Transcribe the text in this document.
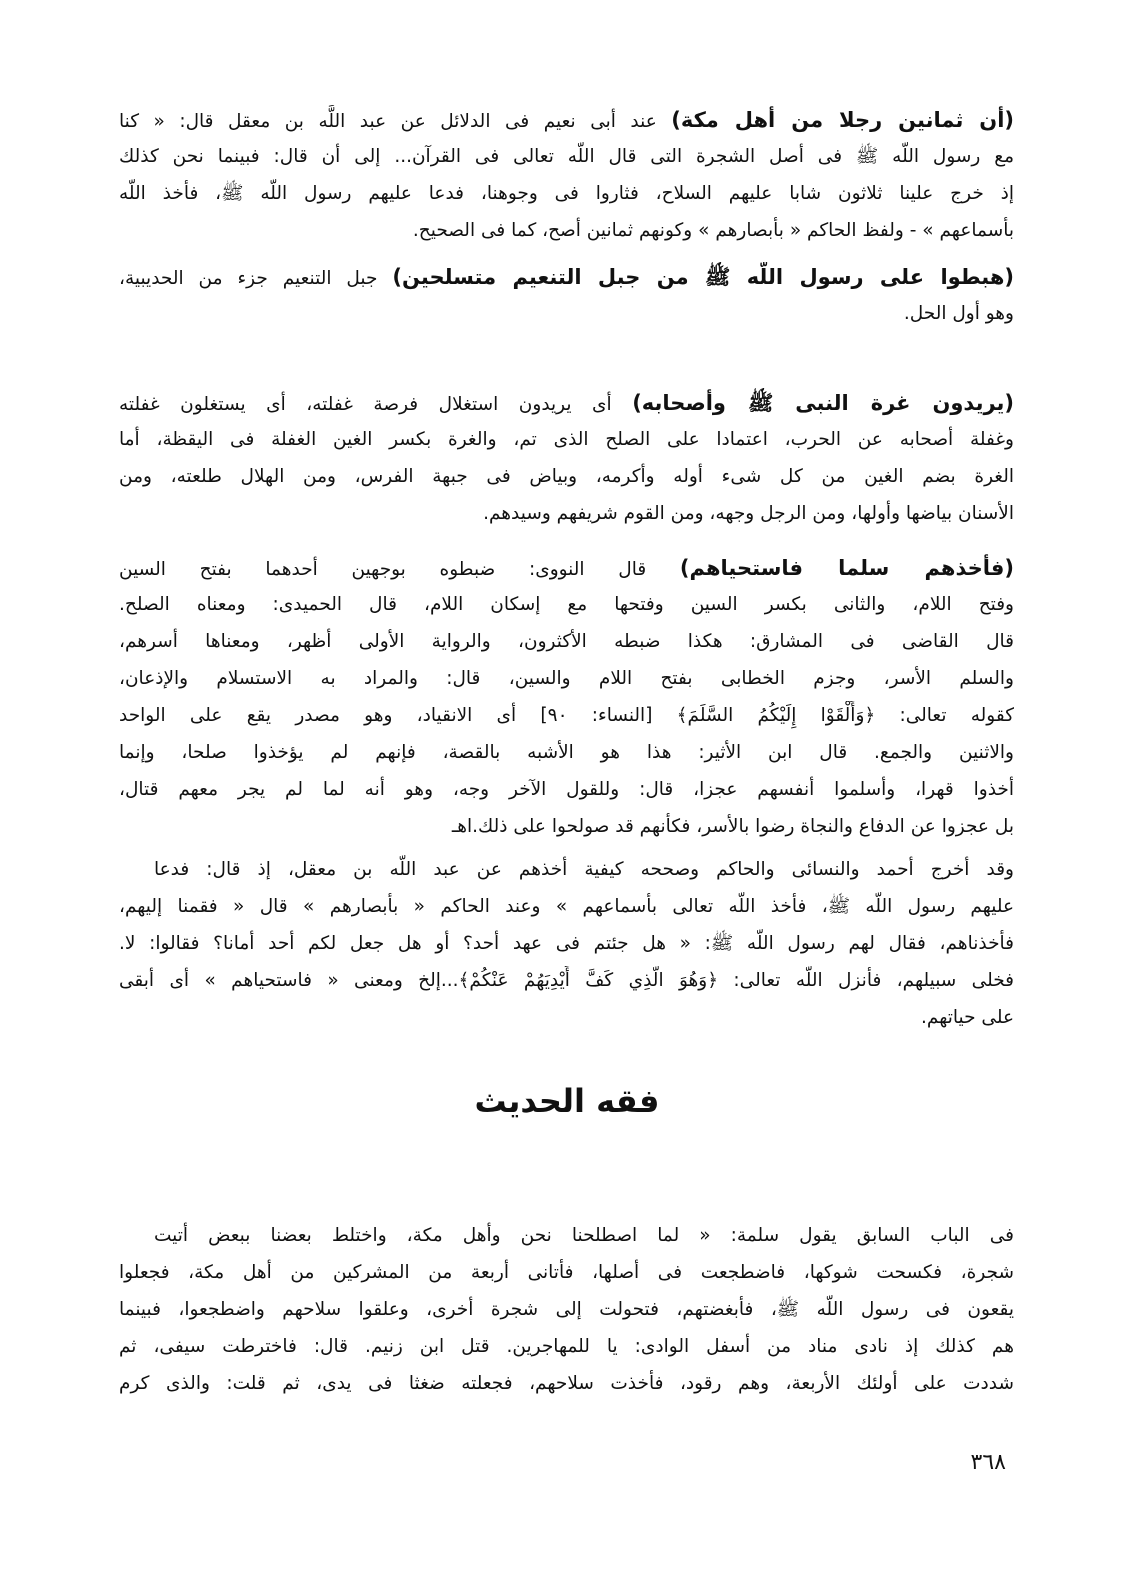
فقه الحديث
٣٦٨
(أن ثمانين رجلا من أهل مكة) عند أبى نعيم فى الدلائل عن عبد اللَّه بن معقل قال: « كنا
مع رسول اللَّه ﷺ فى أصل الشجرة التى قال اللَّه تعالى فى القرآن... إلى أن قال: فبينما نحن كذلك
إذ خرج علينا ثلاثون شابا عليهم السلاح، فثاروا فى وجوهنا، فدعا عليهم رسول اللَّه ﷺ، فأخذ اللَّه
بأسماعهم » - ولفظ الحاكم « بأبصارهم » وكونهم ثمانين أصح، كما فى الصحيح.
(هبطوا على رسول اللَّه ﷺ من جبل التنعيم متسلحين) جبل التنعيم جزء من الحديبية،
وهو أول الحل.
(يريدون غرة النبى ﷺ وأصحابه) أى يريدون استغلال فرصة غفلته، أى يستغلون غفلته
وغفلة أصحابه عن الحرب، اعتمادا على الصلح الذى تم، والغرة بكسر الغين الغفلة فى اليقظة، أما
الغرة بضم الغين من كل شىء أوله وأكرمه، وبياض فى جبهة الفرس، ومن الهلال طلعته، ومن
الأسنان بياضها وأولها، ومن الرجل وجهه، ومن القوم شريفهم وسيدهم.
(فأخذهم سلما فاستحياهم) قال النووى: ضبطوه بوجهين أحدهما بفتح السين
وفتح اللام، والثانى بكسر السين وفتحها مع إسكان اللام، قال الحميدى: ومعناه الصلح.
قال القاضى فى المشارق: هكذا ضبطه الأكثرون، والرواية الأولى أظهر، ومعناها أسرهم،
والسلم الأسر، وجزم الخطابى بفتح اللام والسين، قال: والمراد به الاستسلام والإذعان،
كقوله تعالى: ﴿وَأَلْقَوْا إِلَيْكُمُ السَّلَمَ﴾ [النساء: ٩٠] أى الانقياد، وهو مصدر يقع على الواحد
والاثنين والجمع. قال ابن الأثير: هذا هو الأشبه بالقصة، فإنهم لم يؤخذوا صلحا، وإنما
أخذوا قهرا، وأسلموا أنفسهم عجزا، قال: وللقول الآخر وجه، وهو أنه لما لم يجر معهم قتال،
بل عجزوا عن الدفاع والنجاة رضوا بالأسر، فكأنهم قد صولحوا على ذلك.اهـ
وقد أخرج أحمد والنسائى والحاكم وصححه كيفية أخذهم عن عبد اللَّه بن معقل، إذ قال: فدعا
عليهم رسول اللَّه ﷺ، فأخذ اللَّه تعالى بأسماعهم » وعند الحاكم « بأبصارهم » قال « فقمنا إليهم،
فأخذناهم، فقال لهم رسول اللَّه ﷺ: « هل جئتم فى عهد أحد؟ أو هل جعل لكم أحد أمانا؟ فقالوا: لا.
فخلى سبيلهم، فأنزل اللَّه تعالى: ﴿وَهُوَ الَّذِي كَفَّ أَيْدِيَهُمْ عَنْكُمْ﴾...إلخ ومعنى « فاستحياهم » أى أبقى
على حياتهم.
فى الباب السابق يقول سلمة: « لما اصطلحنا نحن وأهل مكة، واختلط بعضنا ببعض أتيت
شجرة، فكسحت شوكها، فاضطجعت فى أصلها، فأتانى أربعة من المشركين من أهل مكة، فجعلوا
يقعون فى رسول اللَّه ﷺ، فأبغضتهم، فتحولت إلى شجرة أخرى، وعلقوا سلاحهم واضطجعوا، فبينما
هم كذلك إذ نادى مناد من أسفل الوادى: يا للمهاجرين. قتل ابن زنيم. قال: فاخترطت سيفى، ثم
شددت على أولئك الأربعة، وهم رقود، فأخذت سلاحهم، فجعلته ضغثا فى يدى، ثم قلت: والذى كرم
